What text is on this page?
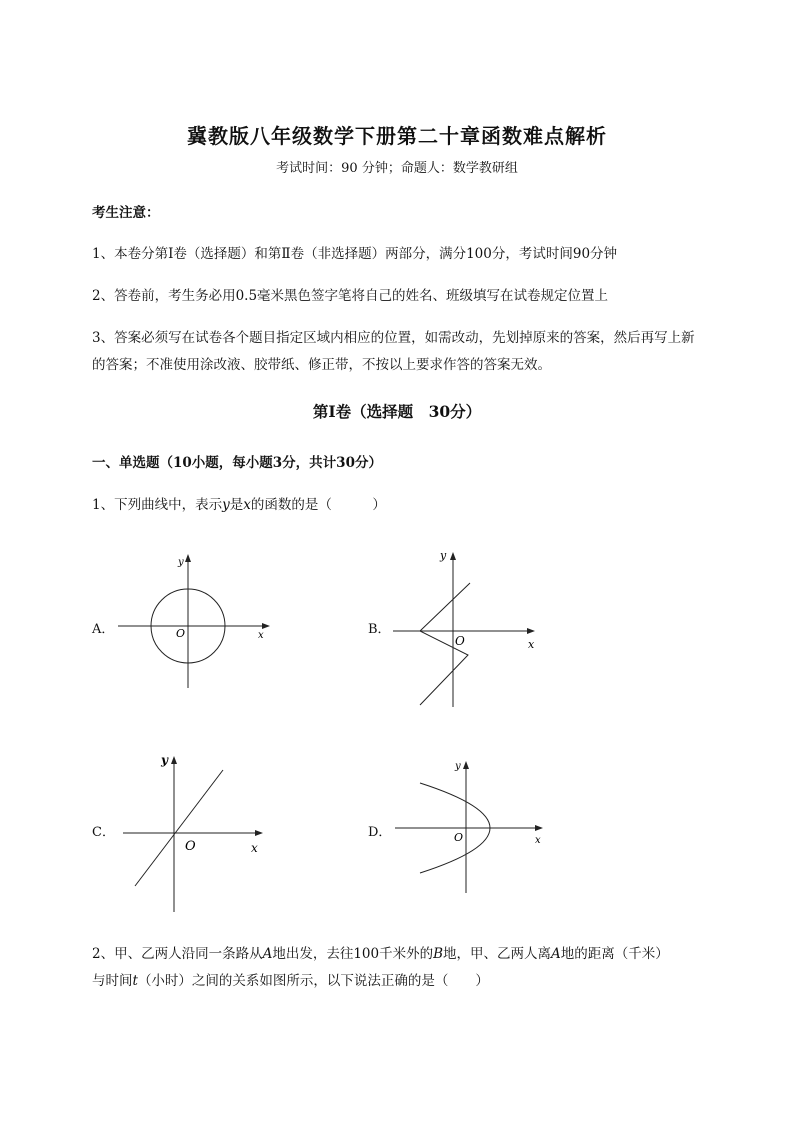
冀教版八年级数学下册第二十章函数难点解析
考试时间：90 分钟；命题人：数学教研组
考生注意：
1、本卷分第Ⅰ卷（选择题）和第Ⅱ卷（非选择题）两部分，满分100分，考试时间90分钟
2、答卷前，考生务必用0.5毫米黑色签字笔将自己的姓名、班级填写在试卷规定位置上
3、答案必须写在试卷各个题目指定区域内相应的位置，如需改动，先划掉原来的答案，然后再写上新
的答案；不准使用涂改液、胶带纸、修正带，不按以上要求作答的答案无效。
第Ⅰ卷（选择题　30分）
一、单选题（10小题，每小题3分，共计30分）
1、下列曲线中，表示y是x的函数的是（　　　）
A．	x
y
O	B．
x
y
O
C．
x
y
O
D．
x
y
O
2、甲、乙两人沿同一条路从A地出发，去往100千米外的B地，甲、乙两人离A地的距离（千米）
与时间t（小时）之间的关系如图所示，以下说法正确的是（　　）
